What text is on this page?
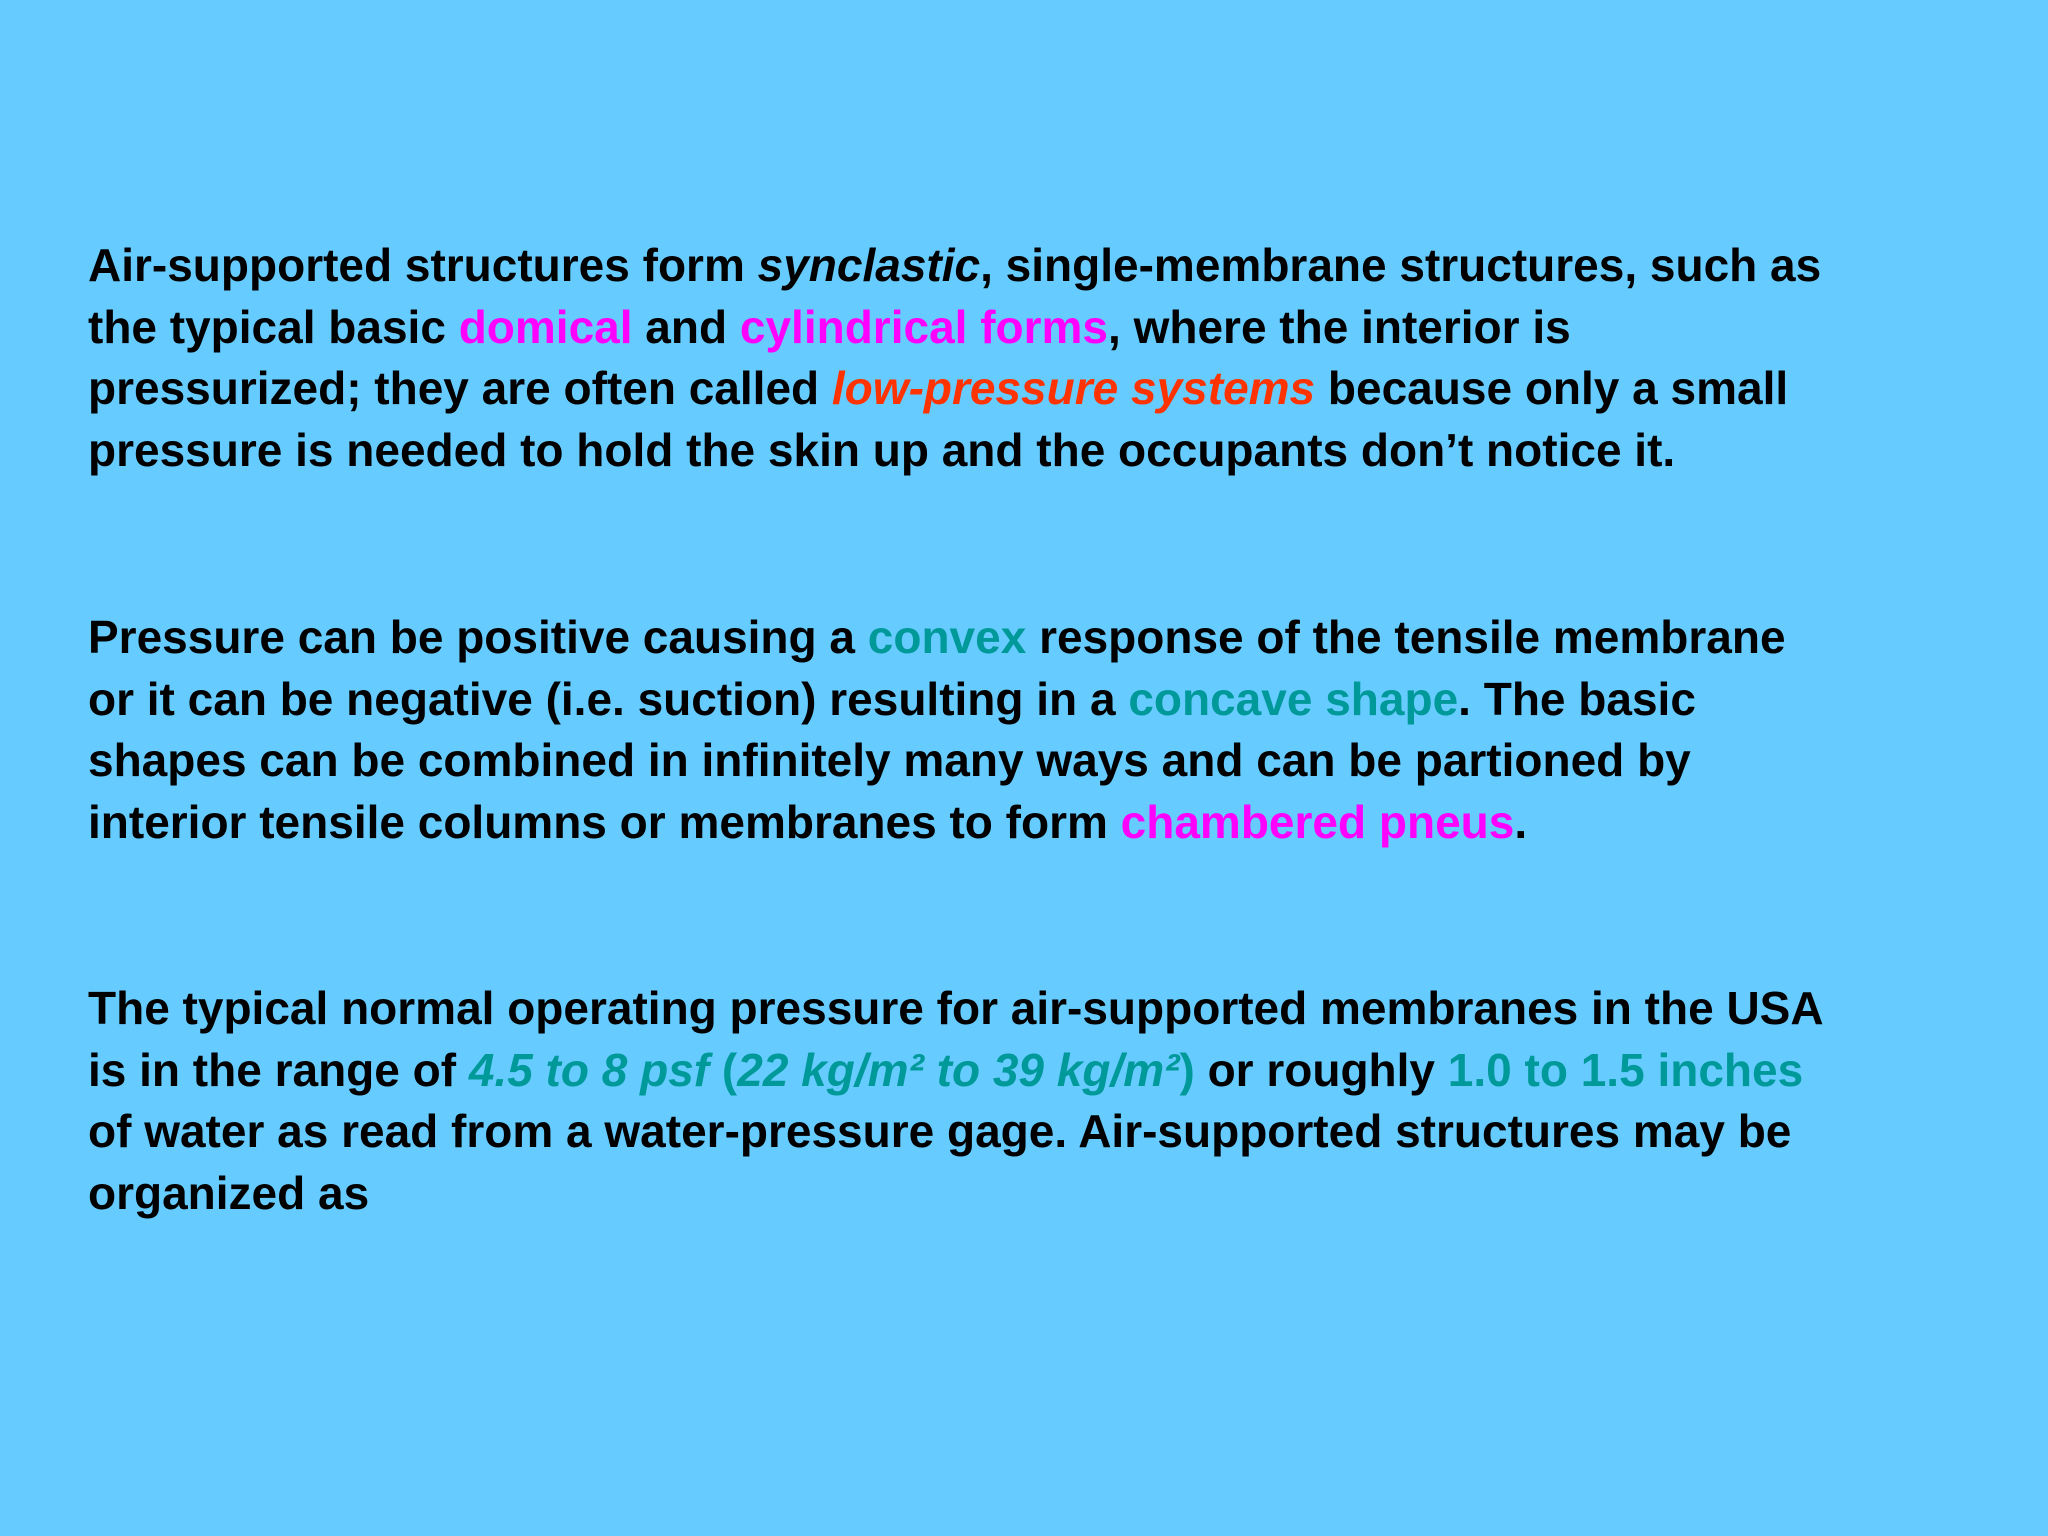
Air-supported structures form synclastic, single-membrane structures, such as
the typical basic domical and cylindrical forms, where the interior is
pressurized; they are often called low-pressure systems because only a small
pressure is needed to hold the skin up and the occupants don’t notice it.

Pressure can be positive causing a convex response of the tensile membrane
or it can be negative (i.e. suction) resulting in a concave shape. The basic
shapes can be combined in infinitely many ways and can be partioned by
interior tensile columns or membranes to form chambered pneus.

The typical normal operating pressure for air-supported membranes in the USA
is in the range of 4.5 to 8 psf (22 kg/m² to 39 kg/m²) or roughly 1.0 to 1.5 inches
of water as read from a water-pressure gage. Air-supported structures may be
organized as
